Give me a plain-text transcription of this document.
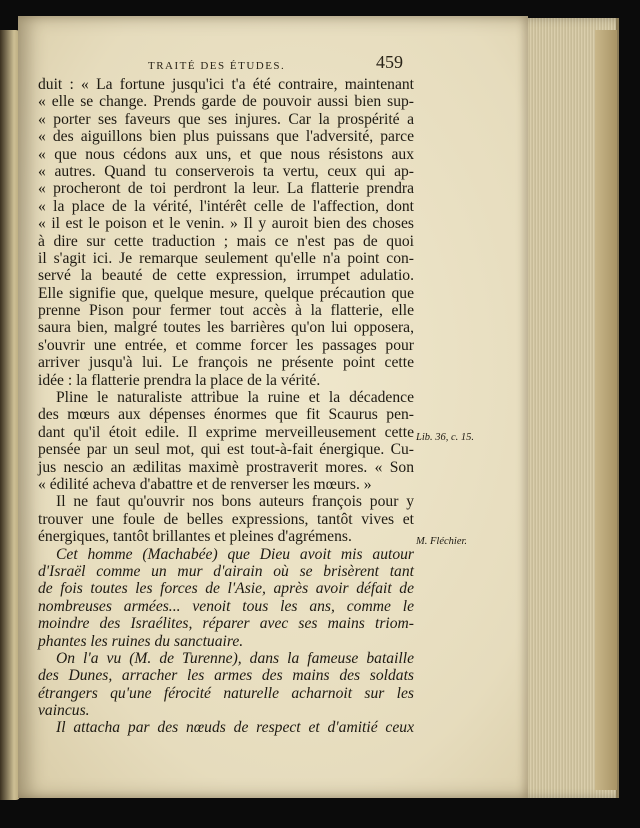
TRAITÉ DES ÉTUDES.	459
duit : « La fortune jusqu'ici t'a été contraire, maintenant
« elle se change. Prends garde de pouvoir aussi bien sup-
« porter ses faveurs que ses injures. Car la prospérité a
« des aiguillons bien plus puissans que l'adversité, parce
« que nous cédons aux uns, et que nous résistons aux
« autres. Quand tu conserverois ta vertu, ceux qui ap-
« procheront de toi perdront la leur. La flatterie prendra
« la place de la vérité, l'intérêt celle de l'affection, dont
« il est le poison et le venin. » Il y auroit bien des choses
à dire sur cette traduction ; mais ce n'est pas de quoi
il s'agit ici. Je remarque seulement qu'elle n'a point con-
servé la beauté de cette expression, irrumpet adulatio.
Elle signifie que, quelque mesure, quelque précaution que
prenne Pison pour fermer tout accès à la flatterie, elle
saura bien, malgré toutes les barrières qu'on lui opposera,
s'ouvrir une entrée, et comme forcer les passages pour
arriver jusqu'à lui. Le françois ne présente point cette
idée : la flatterie prendra la place de la vérité.
Pline le naturaliste attribue la ruine et la décadence
des mœurs aux dépenses énormes que fit Scaurus pen-
dant qu'il étoit edile. Il exprime merveilleusement cette
pensée par un seul mot, qui est tout-à-fait énergique. Cu-
jus nescio an ædilitas maximè prostraverit mores. « Son
« édilité acheva d'abattre et de renverser les mœurs. »
Il ne faut qu'ouvrir nos bons auteurs françois pour y
trouver une foule de belles expressions, tantôt vives et
énergiques, tantôt brillantes et pleines d'agrémens.
Cet homme (Machabée) que Dieu avoit mis autour
d'Israël comme un mur d'airain où se brisèrent tant
de fois toutes les forces de l'Asie, après avoir défait de
nombreuses armées... venoit tous les ans, comme le
moindre des Israélites, réparer avec ses mains triom-
phantes les ruines du sanctuaire.
On l'a vu (M. de Turenne), dans la fameuse bataille
des Dunes, arracher les armes des mains des soldats
étrangers qu'une férocité naturelle acharnoit sur les
vaincus.
Il attacha par des nœuds de respect et d'amitié ceux
Lib. 36, c. 15.
M. Fléchier.
